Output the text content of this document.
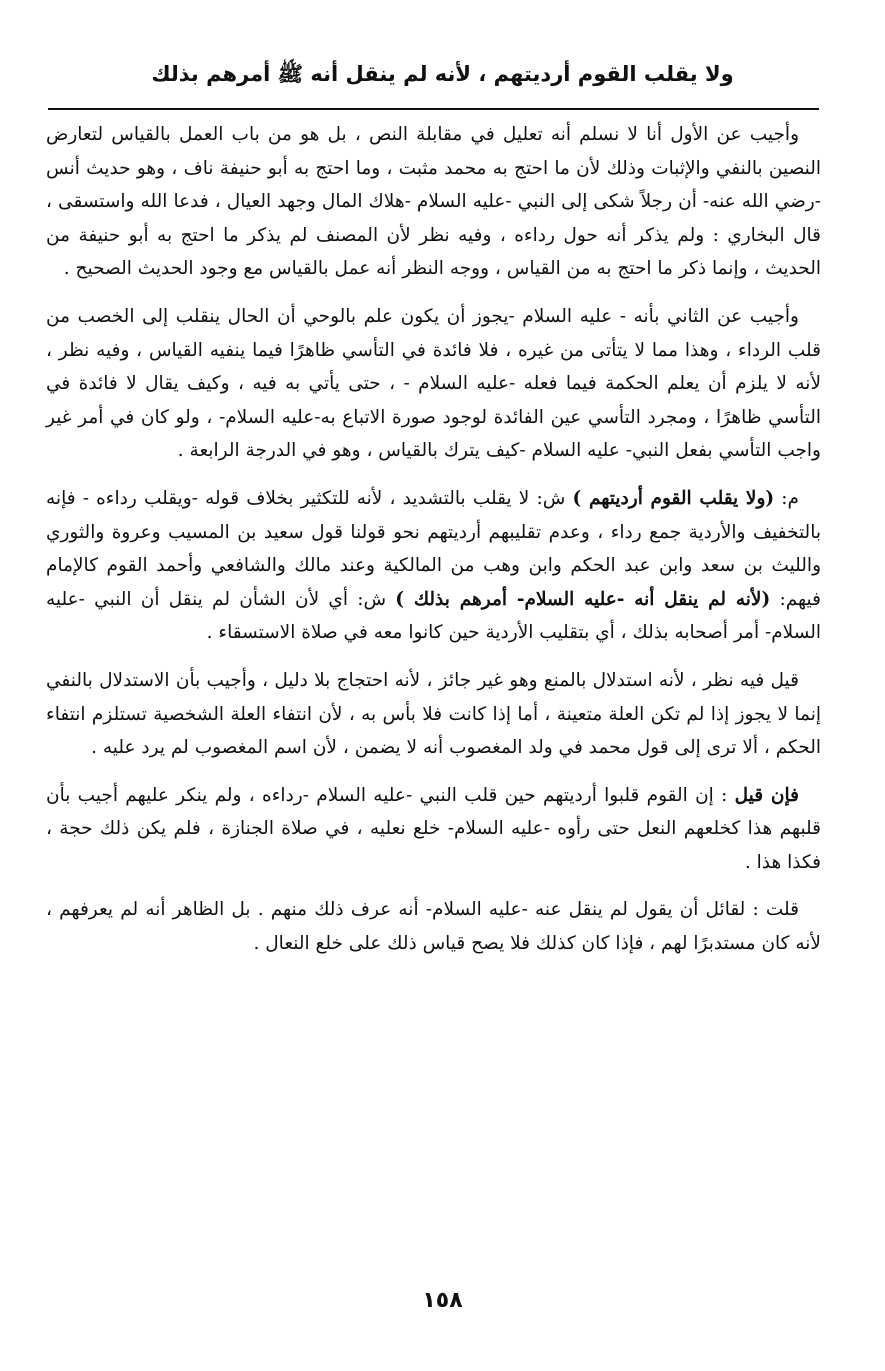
ولا يقلب القوم أرديتهم ، لأنه لم ينقل أنه ﷺ أمرهم بذلك

وأجيب عن الأول أنا لا نسلم أنه تعليل في مقابلة النص ، بل هو من باب العمل بالقياس لتعارض النصين بالنفي والإثبات وذلك لأن ما احتج به محمد مثبت ، وما احتج به أبو حنيفة ناف ، وهو حديث أنس -رضي الله عنه- أن رجلاً شكى إلى النبي -عليه السلام -هلاك المال وجهد العيال ، فدعا الله واستسقى ، قال البخاري : ولم يذكر أنه حول رداءه ، وفيه نظر لأن المصنف لم يذكر ما احتج به أبو حنيفة من الحديث ، وإنما ذكر ما احتج به من القياس ، ووجه النظر أنه عمل بالقياس مع وجود الحديث الصحيح .

وأجيب عن الثاني بأنه - عليه السلام -يجوز أن يكون علم بالوحي أن الحال ينقلب إلى الخصب من قلب الرداء ، وهذا مما لا يتأتى من غيره ، فلا فائدة في التأسي ظاهرًا فيما ينفيه القياس ، وفيه نظر ، لأنه لا يلزم أن يعلم الحكمة فيما فعله -عليه السلام - ، حتى يأتي به فيه ، وكيف يقال لا فائدة في التأسي ظاهرًا ، ومجرد التأسي عين الفائدة لوجود صورة الاتباع به-عليه السلام- ، ولو كان في أمر غير واجب التأسي بفعل النبي- عليه السلام -كيف يترك بالقياس ، وهو في الدرجة الرابعة .

م: (ولا يقلب القوم أرديتهم ) ش: لا يقلب بالتشديد ، لأنه للتكثير بخلاف قوله -ويقلب رداءه - فإنه بالتخفيف والأردية جمع رداء ، وعدم تقليبهم أرديتهم نحو قولنا قول سعيد بن المسيب وعروة والثوري والليث بن سعد وابن عبد الحكم وابن وهب من المالكية وعند مالك والشافعي وأحمد القوم كالإمام فيهم: (لأنه لم ينقل أنه -عليه السلام- أمرهم بذلك ) ش: أي لأن الشأن لم ينقل أن النبي -عليه السلام- أمر أصحابه بذلك ، أي بتقليب الأردية حين كانوا معه في صلاة الاستسقاء .

قيل فيه نظر ، لأنه استدلال بالمنع وهو غير جائز ، لأنه احتجاج بلا دليل ، وأجيب بأن الاستدلال بالنفي إنما لا يجوز إذا لم تكن العلة متعينة ، أما إذا كانت فلا بأس به ، لأن انتفاء العلة الشخصية تستلزم انتفاء الحكم ، ألا ترى إلى قول محمد في ولد المغصوب أنه لا يضمن ، لأن اسم المغصوب لم يرد عليه .

فإن قيل : إن القوم قلبوا أرديتهم حين قلب النبي -عليه السلام -رداءه ، ولم ينكر عليهم أجيب بأن قلبهم هذا كخلعهم النعل حتى رأوه -عليه السلام- خلع نعليه ، في صلاة الجنازة ، فلم يكن ذلك حجة ، فكذا هذا .

قلت : لقائل أن يقول لم ينقل عنه -عليه السلام- أنه عرف ذلك منهم . بل الظاهر أنه لم يعرفهم ، لأنه كان مستدبرًا لهم ، فإذا كان كذلك فلا يصح قياس ذلك على خلع النعال .

١٥٨
